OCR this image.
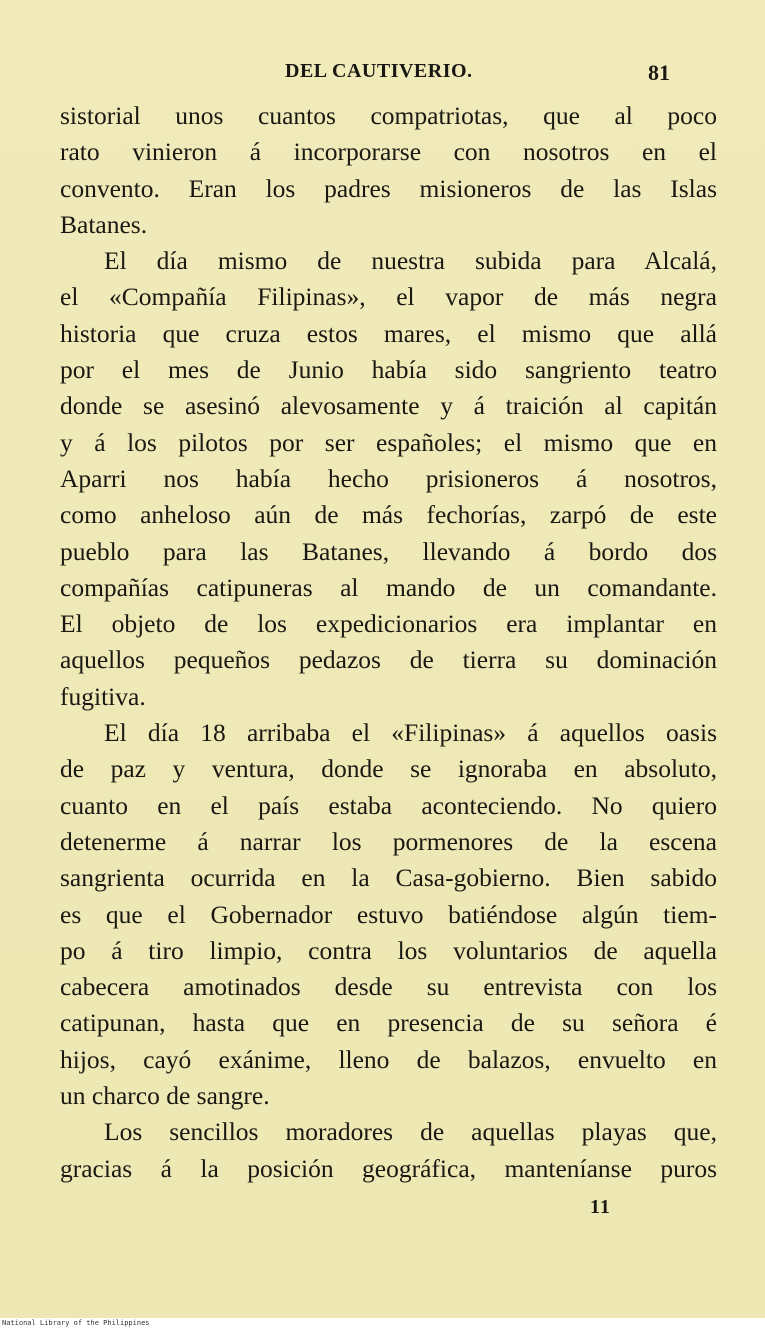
DEL CAUTIVERIO.	81
sistorial unos cuantos compatriotas, que al poco
rato vinieron á incorporarse con nosotros en el
convento. Eran los padres misioneros de las Islas
Batanes.
El día mismo de nuestra subida para Alcalá,
el «Compañía Filipinas», el vapor de más negra
historia que cruza estos mares, el mismo que allá
por el mes de Junio había sido sangriento teatro
donde se asesinó alevosamente y á traición al capitán
y á los pilotos por ser españoles; el mismo que en
Aparri nos había hecho prisioneros á nosotros,
como anheloso aún de más fechorías, zarpó de este
pueblo para las Batanes, llevando á bordo dos
compañías catipuneras al mando de un comandante.
El objeto de los expedicionarios era implantar en
aquellos pequeños pedazos de tierra su dominación
fugitiva.
El día 18 arribaba el «Filipinas» á aquellos oasis
de paz y ventura, donde se ignoraba en absoluto,
cuanto en el país estaba aconteciendo. No quiero
detenerme á narrar los pormenores de la escena
sangrienta ocurrida en la Casa-gobierno. Bien sabido
es que el Gobernador estuvo batiéndose algún tiem-
po á tiro limpio, contra los voluntarios de aquella
cabecera amotinados desde su entrevista con los
catipunan, hasta que en presencia de su señora é
hijos, cayó exánime, lleno de balazos, envuelto en
un charco de sangre.
Los sencillos moradores de aquellas playas que,
gracias á la posición geográfica, manteníanse puros
11
National Library of the Philippines
